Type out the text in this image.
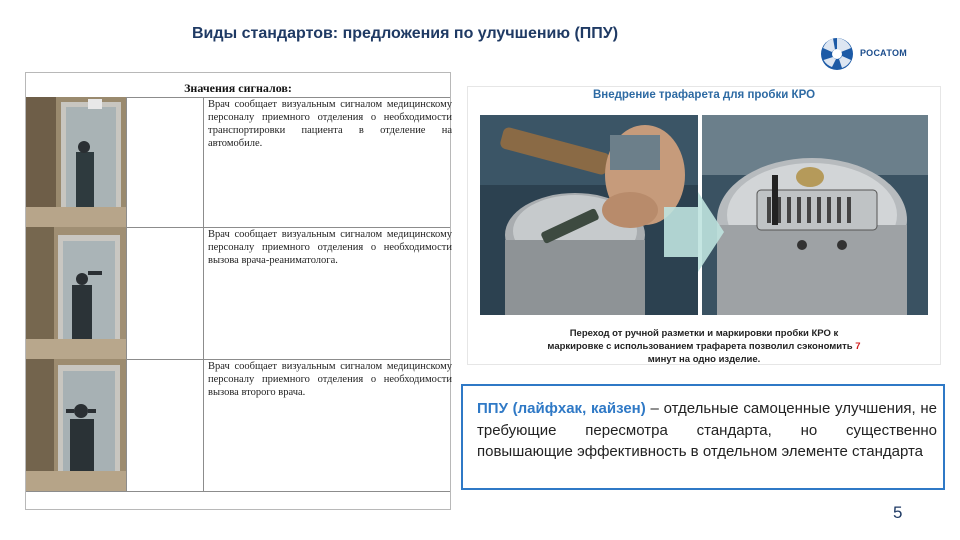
Виды стандартов: предложения по улучшению (ППУ)
РОСАТОМ
Значения сигналов:
Врач сообщает визуальным сигналом медицинскому персоналу приемного отделения о необходимости транспортировки пациента в отделение на автомобиле.
Врач сообщает визуальным сигналом медицинскому персоналу приемного отделения о необходимости вызова врача-реаниматолога.
Врач сообщает визуальным сигналом медицинскому персоналу приемного отделения о необходимости вызова второго врача.
Внедрение трафарета для пробки КРО
Переход от ручной разметки и маркировки пробки КРО к
маркировке с использованием трафарета позволил сэкономить 7
минут на одно изделие.
ППУ (лайфхак, кайзен) – отдельные самоценные улучшения, не требующие пересмотра стандарта, но существенно повышающие эффективность в отдельном элементе стандарта
5
